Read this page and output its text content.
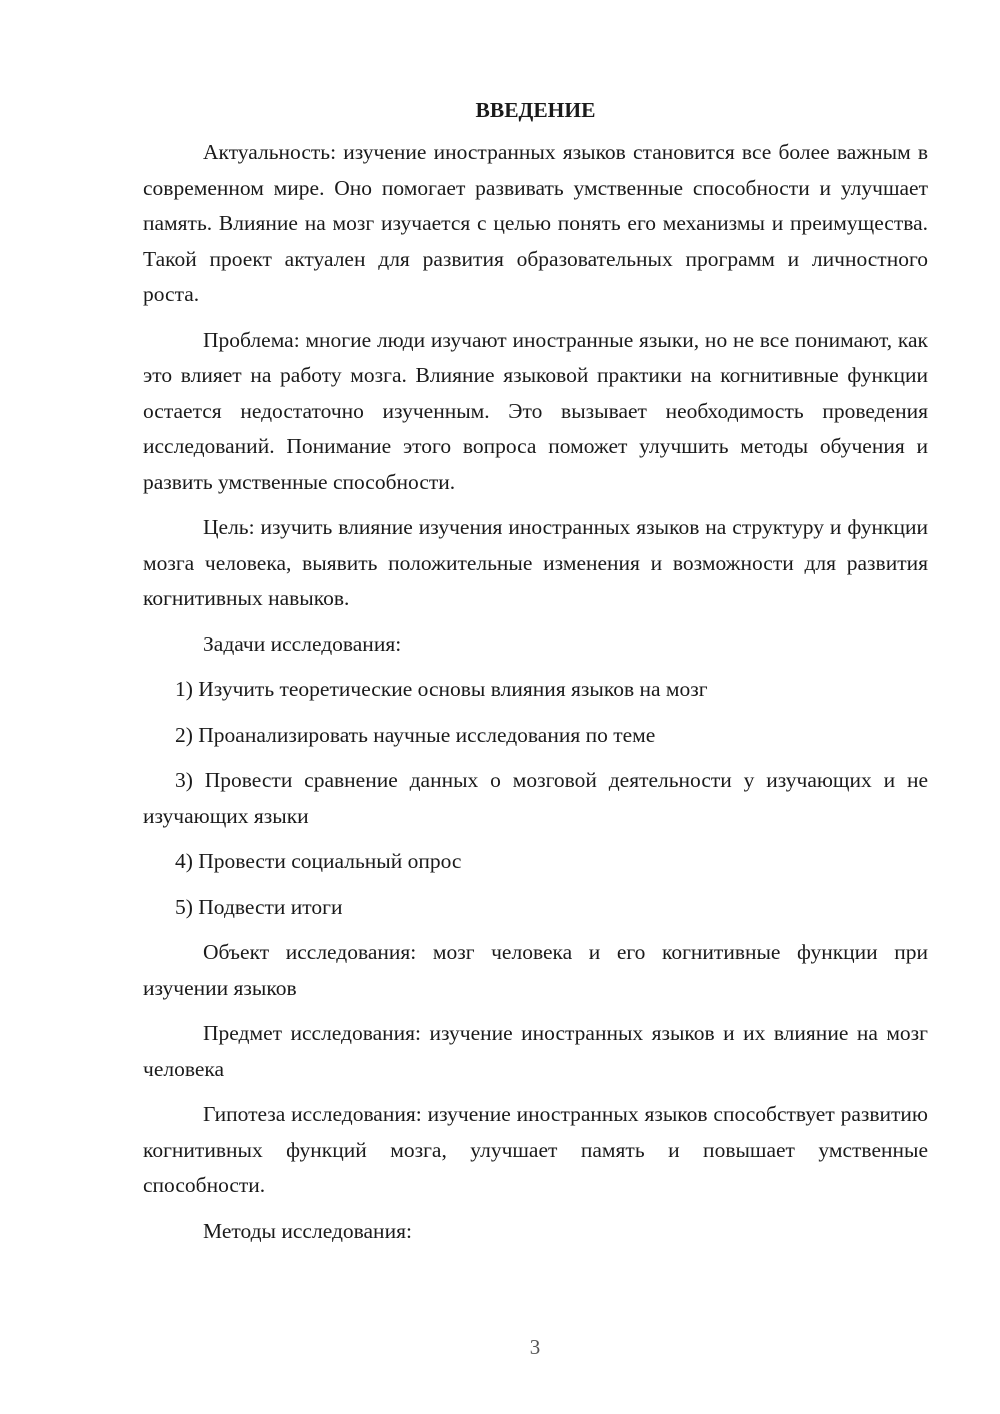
ВВЕДЕНИЕ

Актуальность: изучение иностранных языков становится все более важным в современном мире. Оно помогает развивать умственные способности и улучшает память. Влияние на мозг изучается с целью понять его механизмы и преимущества. Такой проект актуален для развития образовательных программ и личностного роста.

Проблема: многие люди изучают иностранные языки, но не все понимают, как это влияет на работу мозга. Влияние языковой практики на когнитивные функции остается недостаточно изученным. Это вызывает необходимость проведения исследований. Понимание этого вопроса поможет улучшить методы обучения и развить умственные способности.

Цель: изучить влияние изучения иностранных языков на структуру и функции мозга человека, выявить положительные изменения и возможности для развития когнитивных навыков.

Задачи исследования:

1) Изучить теоретические основы влияния языков на мозг

2) Проанализировать научные исследования по теме

3) Провести сравнение данных о мозговой деятельности у изучающих и не изучающих языки

4) Провести социальный опрос

5) Подвести итоги

Объект исследования: мозг человека и его когнитивные функции при изучении языков

Предмет исследования: изучение иностранных языков и их влияние на мозг человека

Гипотеза исследования: изучение иностранных языков способствует развитию когнитивных функций мозга, улучшает память и повышает умственные способности.

Методы исследования:

3
